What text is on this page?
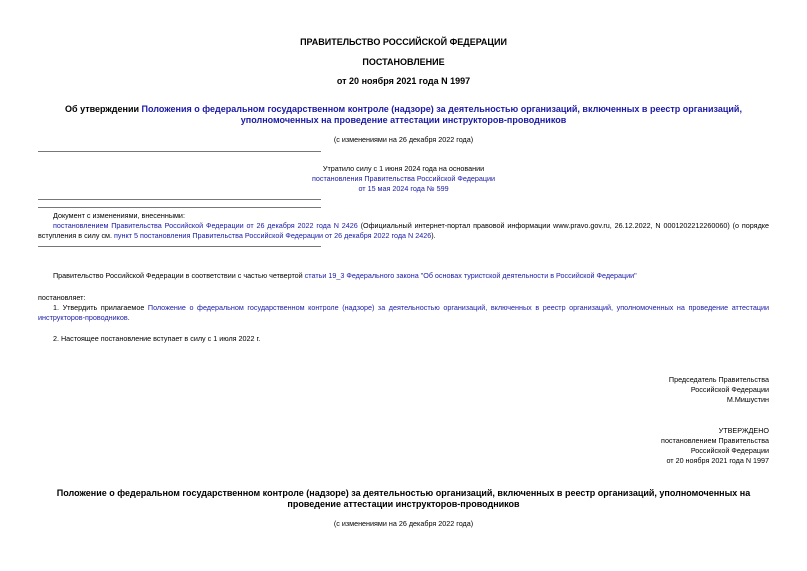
ПРАВИТЕЛЬСТВО РОССИЙСКОЙ ФЕДЕРАЦИИ
ПОСТАНОВЛЕНИЕ
от 20 ноября 2021 года N 1997
Об утверждении Положения о федеральном государственном контроле (надзоре) за деятельностью организаций, включенных в реестр организаций, уполномоченных на проведение аттестации инструкторов-проводников
(с изменениями на 26 декабря 2022 года)
Утратило силу с 1 июня 2024 года на основании
постановления Правительства Российской Федерации
от 15 мая 2024 года № 599
Документ с изменениями, внесенными:
постановлением Правительства Российской Федерации от 26 декабря 2022 года N 2426 (Официальный интернет-портал правовой информации www.pravo.gov.ru, 26.12.2022, N 0001202212260060) (о порядке вступления в силу см. пункт 5 постановления Правительства Российской Федерации от 26 декабря 2022 года N 2426).
Правительство Российской Федерации в соответствии с частью четвертой статьи 19_3 Федерального закона "Об основах туристской деятельности в Российской Федерации"
постановляет:
1. Утвердить прилагаемое Положение о федеральном государственном контроле (надзоре) за деятельностью организаций, включенных в реестр организаций, уполномоченных на проведение аттестации инструкторов-проводников.
2. Настоящее постановление вступает в силу с 1 июля 2022 г.
Председатель Правительства
Российской Федерации
М.Мишустин
УТВЕРЖДЕНО
постановлением Правительства
Российской Федерации
от 20 ноября 2021 года N 1997
Положение о федеральном государственном контроле (надзоре) за деятельностью организаций, включенных в реестр организаций, уполномоченных на проведение аттестации инструкторов-проводников
(с изменениями на 26 декабря 2022 года)
